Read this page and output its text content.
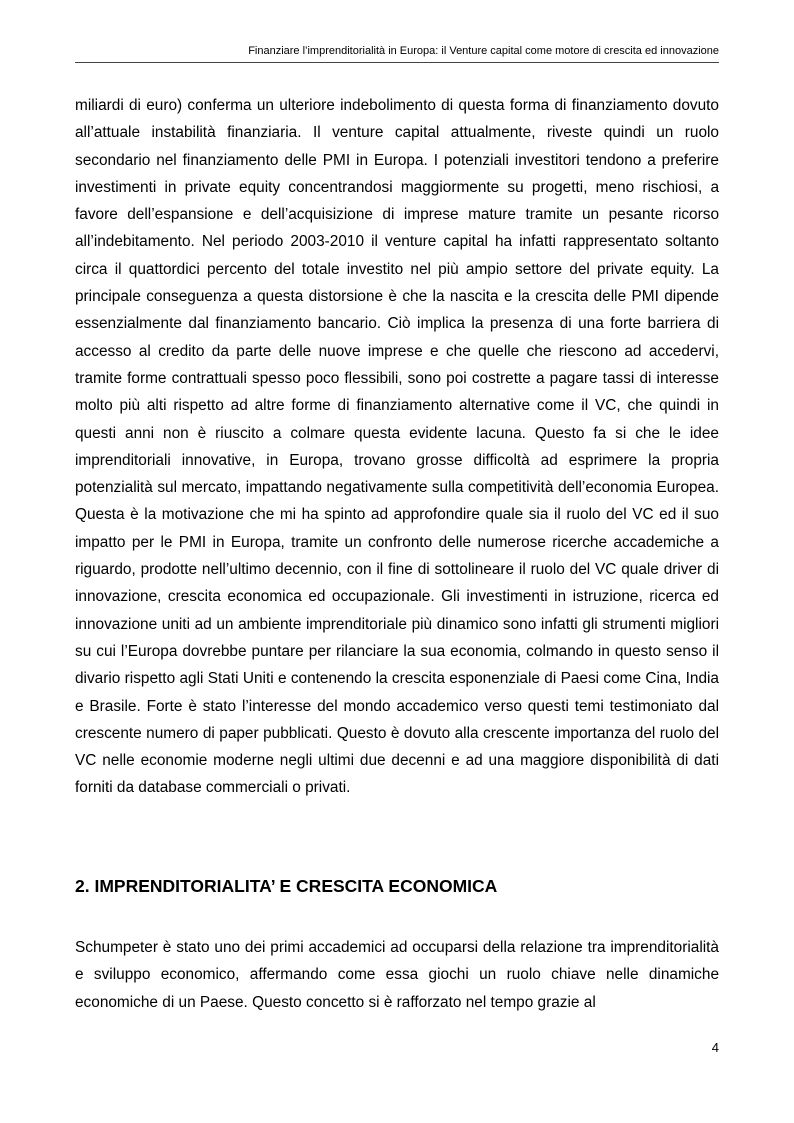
Finanziare l’imprenditorialità in Europa: il Venture capital come motore di crescita ed innovazione

miliardi di euro) conferma un ulteriore indebolimento di questa forma di finanziamento dovuto all’attuale instabilità finanziaria. Il venture capital attualmente, riveste quindi un ruolo secondario nel finanziamento delle PMI in Europa. I potenziali investitori tendono a preferire investimenti in private equity concentrandosi maggiormente su progetti, meno rischiosi, a favore dell’espansione e dell’acquisizione di imprese mature tramite un pesante ricorso all’indebitamento. Nel periodo 2003-2010 il venture capital ha infatti rappresentato soltanto circa il quattordici percento del totale investito nel più ampio settore del private equity. La principale conseguenza a questa distorsione è che la nascita e la crescita delle PMI dipende essenzialmente dal finanziamento bancario. Ciò implica la presenza di una forte barriera di accesso al credito da parte delle nuove imprese e che quelle che riescono ad accedervi, tramite forme contrattuali spesso poco flessibili, sono poi costrette a pagare tassi di interesse molto più alti rispetto ad altre forme di finanziamento alternative come il VC, che quindi in questi anni non è riuscito a colmare questa evidente lacuna. Questo fa si che le idee imprenditoriali innovative, in Europa, trovano grosse difficoltà ad esprimere la propria potenzialità sul mercato, impattando negativamente sulla competitività dell’economia Europea. Questa è la motivazione che mi ha spinto ad approfondire quale sia il ruolo del VC ed il suo impatto per le PMI in Europa, tramite un confronto delle numerose ricerche accademiche a riguardo, prodotte nell’ultimo decennio, con il fine di sottolineare il ruolo del VC quale driver di innovazione, crescita economica ed occupazionale. Gli investimenti in istruzione, ricerca ed innovazione uniti ad un ambiente imprenditoriale più dinamico sono infatti gli strumenti migliori su cui l’Europa dovrebbe puntare per rilanciare la sua economia, colmando in questo senso il divario rispetto agli Stati Uniti e contenendo la crescita esponenziale di Paesi come Cina, India e Brasile. Forte è stato l’interesse del mondo accademico verso questi temi testimoniato dal crescente numero di paper pubblicati. Questo è dovuto alla crescente importanza del ruolo del VC nelle economie moderne negli ultimi due decenni e ad una maggiore disponibilità di dati forniti da database commerciali o privati.

2. IMPRENDITORIALITA’ E CRESCITA ECONOMICA

Schumpeter è stato uno dei primi accademici ad occuparsi della relazione tra imprenditorialità e sviluppo economico, affermando come essa giochi un ruolo chiave nelle dinamiche economiche di un Paese. Questo concetto si è rafforzato nel tempo grazie al

4
